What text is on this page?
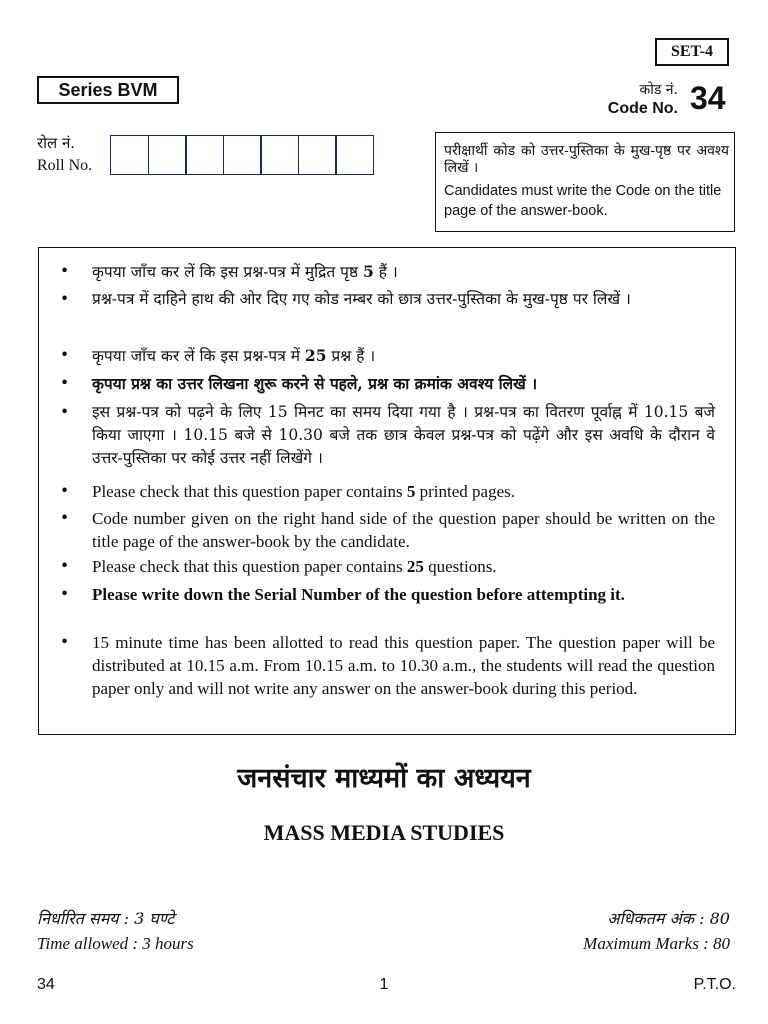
SET-4
Series BVM	कोड नं.
Code No. 34
रोल नं.
Roll No.
परीक्षार्थी कोड को उत्तर-पुस्तिका के मुख-पृष्ठ पर अवश्य लिखें ।
Candidates must write the Code on the title page of the answer-book.
• कृपया जाँच कर लें कि इस प्रश्न-पत्र में मुद्रित पृष्ठ 5 हैं ।
• प्रश्न-पत्र में दाहिने हाथ की ओर दिए गए कोड नम्बर को छात्र उत्तर-पुस्तिका के मुख-पृष्ठ पर लिखें ।
• कृपया जाँच कर लें कि इस प्रश्न-पत्र में 25 प्रश्न हैं ।
• कृपया प्रश्न का उत्तर लिखना शुरू करने से पहले, प्रश्न का क्रमांक अवश्य लिखें ।
• इस प्रश्न-पत्र को पढ़ने के लिए 15 मिनट का समय दिया गया है । प्रश्न-पत्र का वितरण पूर्वाह्न में 10.15 बजे किया जाएगा । 10.15 बजे से 10.30 बजे तक छात्र केवल प्रश्न-पत्र को पढ़ेंगे और इस अवधि के दौरान वे उत्तर-पुस्तिका पर कोई उत्तर नहीं लिखेंगे ।
• Please check that this question paper contains 5 printed pages.
• Code number given on the right hand side of the question paper should be written on the title page of the answer-book by the candidate.
• Please check that this question paper contains 25 questions.
• Please write down the Serial Number of the question before attempting it.
• 15 minute time has been allotted to read this question paper. The question paper will be distributed at 10.15 a.m. From 10.15 a.m. to 10.30 a.m., the students will read the question paper only and will not write any answer on the answer-book during this period.
जनसंचार माध्यमों का अध्ययन
MASS MEDIA STUDIES
निर्धारित समय : 3 घण्टे
Time allowed : 3 hours
अधिकतम अंक : 80
Maximum Marks : 80
34	1	P.T.O.
